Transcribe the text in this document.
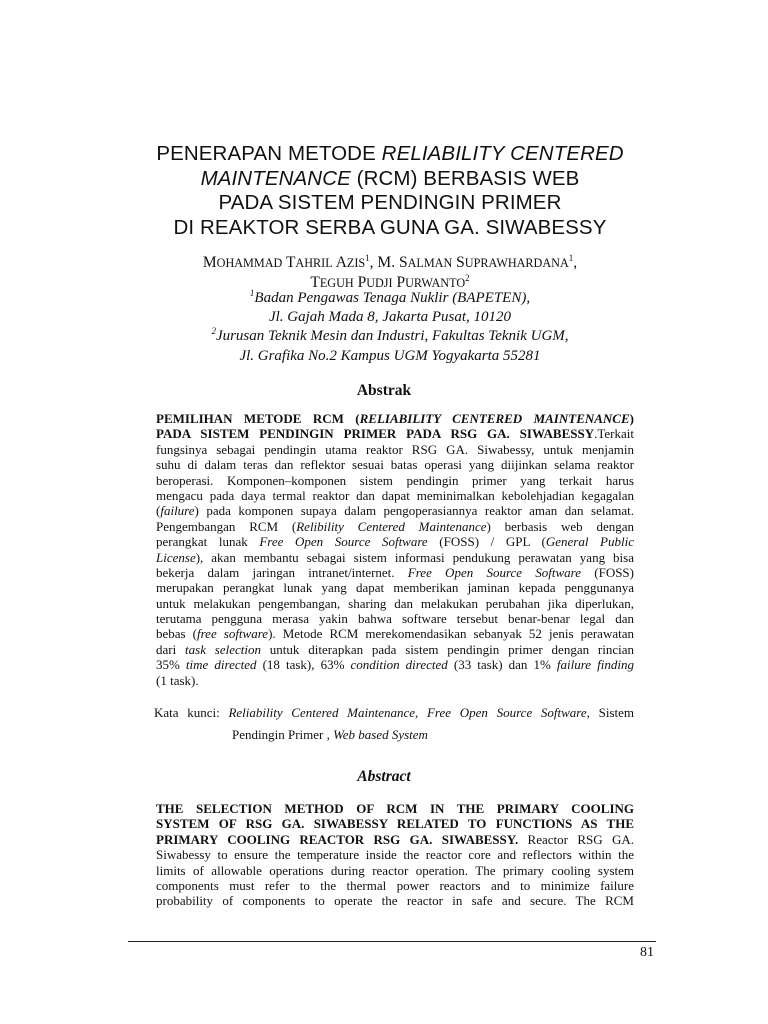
PENERAPAN METODE RELIABILITY CENTERED
MAINTENANCE (RCM) BERBASIS WEB
PADA SISTEM PENDINGIN PRIMER
DI REAKTOR SERBA GUNA GA. SIWABESSY
MOHAMMAD TAHRIL AZIS$^1$, M. SALMAN SUPRAWHARDANA$^1$,
TEGUH PUDJI PURWANTO$^2$
$^1$Badan Pengawas Tenaga Nuklir (BAPETEN),
Jl. Gajah Mada 8, Jakarta Pusat, 10120
$^2$Jurusan Teknik Mesin dan Industri, Fakultas Teknik UGM,
Jl. Grafika No.2 Kampus UGM Yogyakarta 55281
Abstrak
PEMILIHAN METODE RCM (RELIABILITY CENTERED MAINTENANCE)
PADA SISTEM PENDINGIN PRIMER PADA RSG GA. SIWABESSY.Terkait
fungsinya sebagai pendingin utama reaktor RSG GA. Siwabessy, untuk menjamin
suhu di dalam teras dan reflektor sesuai batas operasi yang diijinkan selama reaktor
beroperasi. Komponen–komponen sistem pendingin primer yang terkait harus
mengacu pada daya termal reaktor dan dapat meminimalkan kebolehjadian kegagalan
(failure) pada komponen supaya dalam pengoperasiannya reaktor aman dan selamat.
Pengembangan RCM (Relibility Centered Maintenance) berbasis web dengan
perangkat lunak Free Open Source Software (FOSS) / GPL (General Public
License), akan membantu sebagai sistem informasi pendukung perawatan yang bisa
bekerja dalam jaringan intranet/internet. Free Open Source Software (FOSS)
merupakan perangkat lunak yang dapat memberikan jaminan kepada penggunanya
untuk melakukan pengembangan, sharing dan melakukan perubahan jika diperlukan,
terutama pengguna merasa yakin bahwa software tersebut benar-benar legal dan
bebas (free software). Metode RCM merekomendasikan sebanyak 52 jenis perawatan
dari task selection untuk diterapkan pada sistem pendingin primer dengan rincian
35% time directed (18 task), 63% condition directed (33 task) dan 1% failure finding
(1 task).
Kata kunci: Reliability Centered Maintenance, Free Open Source Software, Sistem
Pendingin Primer , Web based System
Abstract
THE SELECTION METHOD OF RCM IN THE PRIMARY COOLING
SYSTEM OF RSG GA. SIWABESSY RELATED TO FUNCTIONS AS THE
PRIMARY COOLING REACTOR RSG GA. SIWABESSY. Reactor RSG GA.
Siwabessy to ensure the temperature inside the reactor core and reflectors within the
limits of allowable operations during reactor operation. The primary cooling system
components must refer to the thermal power reactors and to minimize failure
probability of components to operate the reactor in safe and secure. The RCM
81
